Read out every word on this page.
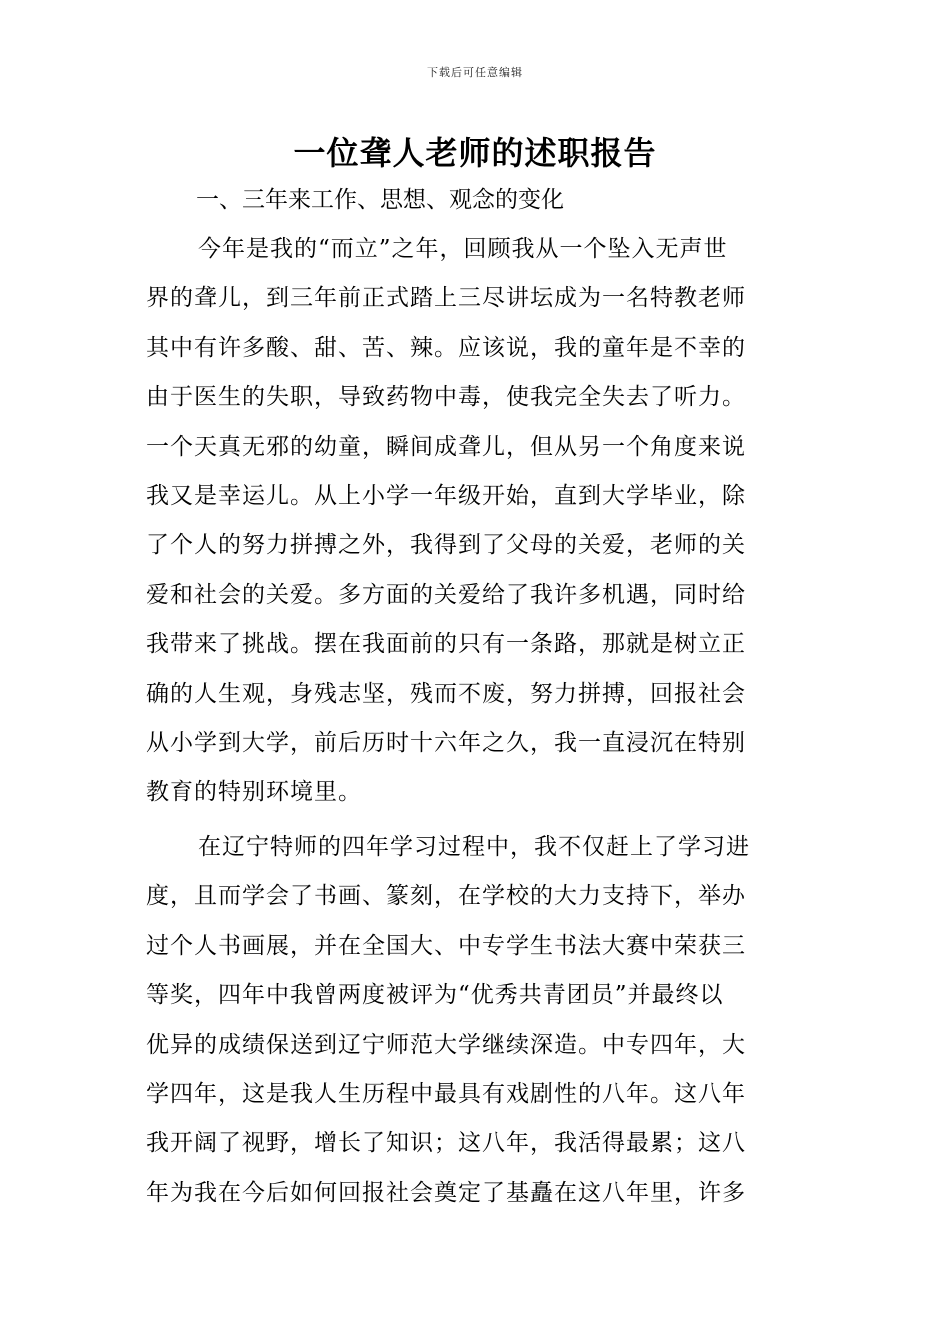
下载后可任意编辑
一位聋人老师的述职报告
一、三年来工作、思想、观念的变化
今年是我的“而立”之年，回顾我从一个坠入无声世
界的聋儿，到三年前正式踏上三尽讲坛成为一名特教老师
其中有许多酸、甜、苦、辣。应该说，我的童年是不幸的
由于医生的失职，导致药物中毒，使我完全失去了听力。
一个天真无邪的幼童，瞬间成聋儿，但从另一个角度来说
我又是幸运儿。从上小学一年级开始，直到大学毕业，除
了个人的努力拼搏之外，我得到了父母的关爱，老师的关
爱和社会的关爱。多方面的关爱给了我许多机遇，同时给
我带来了挑战。摆在我面前的只有一条路，那就是树立正
确的人生观，身残志坚，残而不废，努力拼搏，回报社会
从小学到大学，前后历时十六年之久，我一直浸沉在特别
教育的特别环境里。
在辽宁特师的四年学习过程中，我不仅赶上了学习进
度，且而学会了书画、篆刻，在学校的大力支持下，举办
过个人书画展，并在全国大、中专学生书法大赛中荣获三
等奖，四年中我曾两度被评为“优秀共青团员”并最终以
优异的成绩保送到辽宁师范大学继续深造。中专四年，大
学四年，这是我人生历程中最具有戏剧性的八年。这八年
我开阔了视野，增长了知识；这八年，我活得最累；这八
年为我在今后如何回报社会奠定了基矗在这八年里，许多
